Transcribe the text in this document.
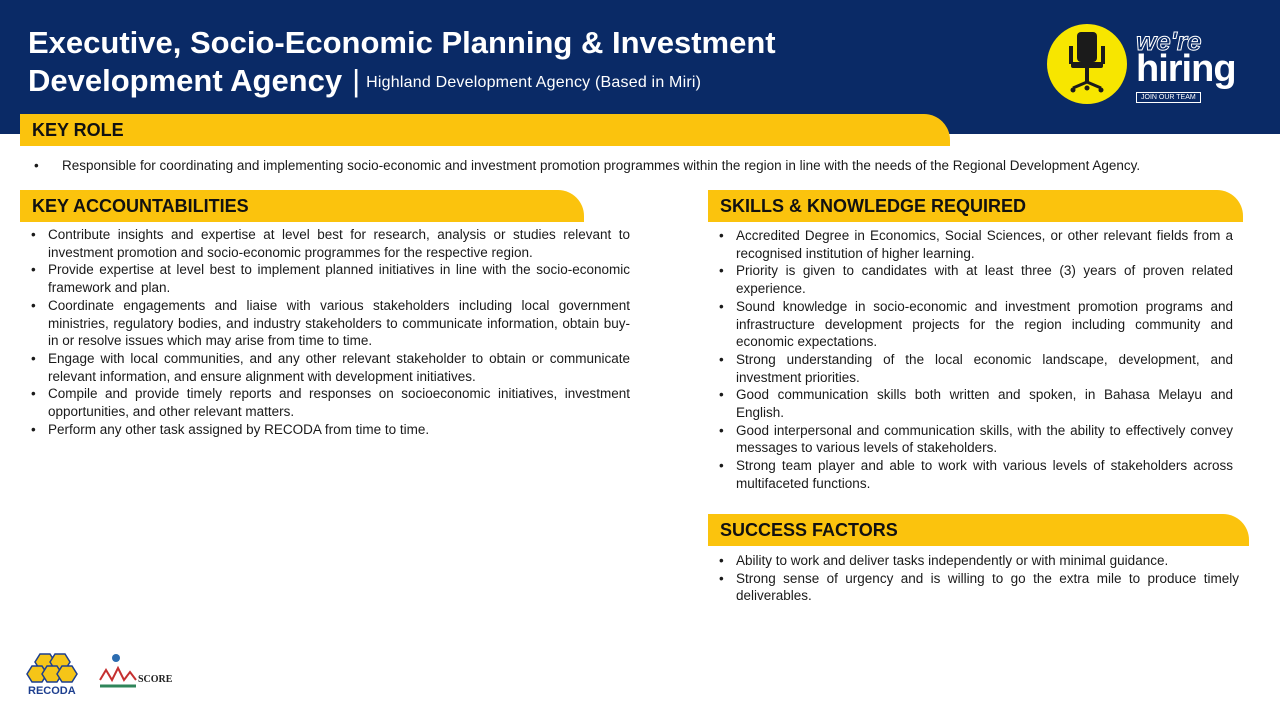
Executive, Socio-Economic Planning & Investment
Development Agency | $^{Highland Development Agency (Based in Miri)}$
we're
hiring
JOIN OUR TEAM
KEY ROLE
• Responsible for coordinating and implementing socio-economic and investment promotion programmes within the region in line with the needs of the Regional Development Agency.
KEY ACCOUNTABILITIES
• Contribute insights and expertise at level best for research, analysis or studies relevant to investment promotion and socio-economic programmes for the respective region.
• Provide expertise at level best to implement planned initiatives in line with the socio-economic framework and plan.
• Coordinate engagements and liaise with various stakeholders including local government ministries, regulatory bodies, and industry stakeholders to communicate information, obtain buy-in or resolve issues which may arise from time to time.
• Engage with local communities, and any other relevant stakeholder to obtain or communicate relevant information, and ensure alignment with development initiatives.
• Compile and provide timely reports and responses on socioeconomic initiatives, investment opportunities, and other relevant matters.
• Perform any other task assigned by RECODA from time to time.
SKILLS & KNOWLEDGE REQUIRED
• Accredited Degree in Economics, Social Sciences, or other relevant fields from a recognised institution of higher learning.
• Priority is given to candidates with at least three (3) years of proven related experience.
• Sound knowledge in socio-economic and investment promotion programs and infrastructure development projects for the region including community and economic expectations.
• Strong understanding of the local economic landscape, development, and investment priorities.
• Good communication skills both written and spoken, in Bahasa Melayu and English.
• Good interpersonal and communication skills, with the ability to effectively convey messages to various levels of stakeholders.
• Strong team player and able to work with various levels of stakeholders across multifaceted functions.
SUCCESS FACTORS
• Ability to work and deliver tasks independently or with minimal guidance.
• Strong sense of urgency and is willing to go the extra mile to produce timely deliverables.
RECODA
SCORE
